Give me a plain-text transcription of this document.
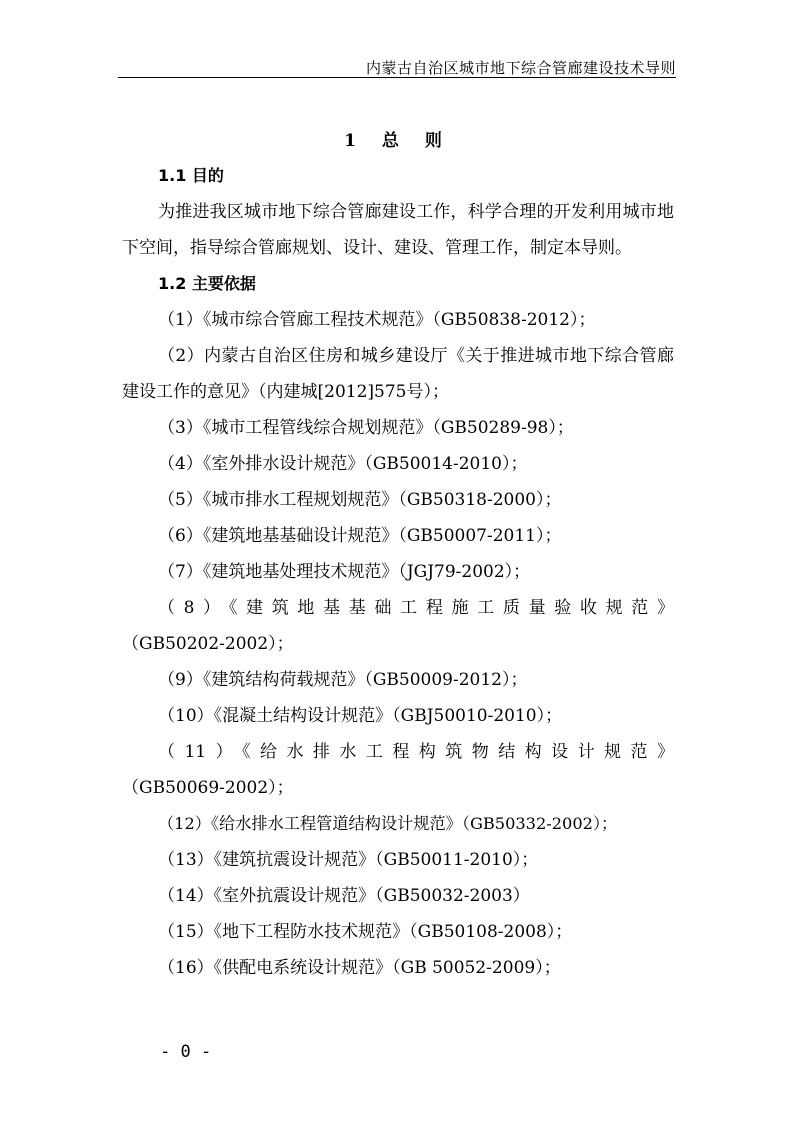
内蒙古自治区城市地下综合管廊建设技术导则
1 总 则
1.1 目的
为推进我区城市地下综合管廊建设工作，科学合理的开发利用城市地下空间，指导综合管廊规划、设计、建设、管理工作，制定本导则。
1.2 主要依据
（1）《城市综合管廊工程技术规范》（GB50838-2012）；
（2）内蒙古自治区住房和城乡建设厅《关于推进城市地下综合管廊建设工作的意见》（内建城[2012]575号）；
（3）《城市工程管线综合规划规范》（GB50289-98）；
（4）《室外排水设计规范》（GB50014-2010）；
（5）《城市排水工程规划规范》（GB50318-2000）；
（6）《建筑地基基础设计规范》（GB50007-2011）；
（7）《建筑地基处理技术规范》（JGJ79-2002）；
（8）《建筑地基基础工程施工质量验收规范》
（GB50202-2002）；
（9）《建筑结构荷载规范》（GB50009-2012）；
（10）《混凝土结构设计规范》（GBJ50010-2010）；
（11）《给水排水工程构筑物结构设计规范》
（GB50069-2002）；
（12）《给水排水工程管道结构设计规范》（GB50332-2002）；
（13）《建筑抗震设计规范》（GB50011-2010）；
（14）《室外抗震设计规范》（GB50032-2003）
（15）《地下工程防水技术规范》（GB50108-2008）；
（16）《供配电系统设计规范》（GB 50052-2009）；
- 0 -
